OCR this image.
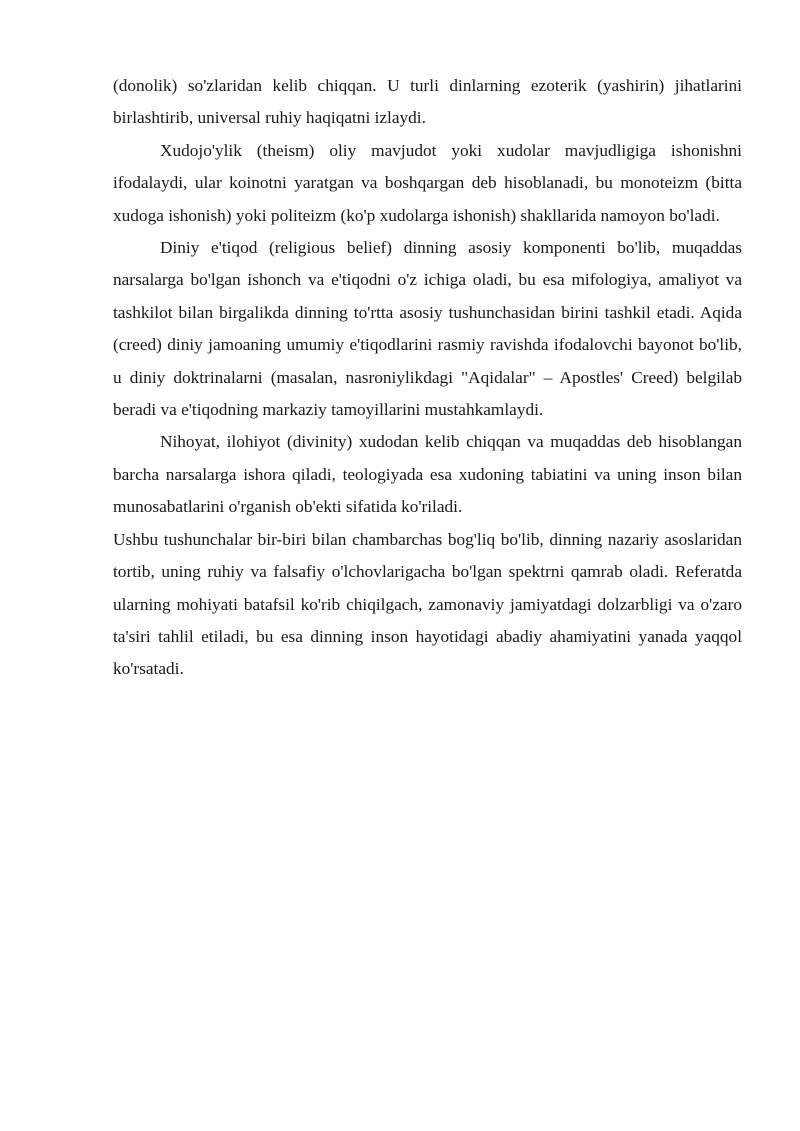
(donolik) so'zlaridan kelib chiqqan. U turli dinlarning ezoterik (yashirin) jihatlarini birlashtirib, universal ruhiy haqiqatni izlaydi.

Xudojo'ylik (theism) oliy mavjudot yoki xudolar mavjudligiga ishonishni ifodalaydi, ular koinotni yaratgan va boshqargan deb hisoblanadi, bu monoteizm (bitta xudoga ishonish) yoki politeizm (ko'p xudolarga ishonish) shakllarida namoyon bo'ladi.

Diniy e'tiqod (religious belief) dinning asosiy komponenti bo'lib, muqaddas narsalarga bo'lgan ishonch va e'tiqodni o'z ichiga oladi, bu esa mifologiya, amaliyot va tashkilot bilan birgalikda dinning to'rtta asosiy tushunchasidan birini tashkil etadi. Aqida (creed) diniy jamoaning umumiy e'tiqodlarini rasmiy ravishda ifodalovchi bayonot bo'lib, u diniy doktrinalarni (masalan, nasroniylikdagi "Aqidalar" – Apostles' Creed) belgilab beradi va e'tiqodning markaziy tamoyillarini mustahkamlaydi.

Nihoyat, ilohiyot (divinity) xudodan kelib chiqqan va muqaddas deb hisoblangan barcha narsalarga ishora qiladi, teologiyada esa xudoning tabiatini va uning inson bilan munosabatlarini o'rganish ob'ekti sifatida ko'riladi.

Ushbu tushunchalar bir-biri bilan chambarchas bog'liq bo'lib, dinning nazariy asoslaridan tortib, uning ruhiy va falsafiy o'lchovlarigacha bo'lgan spektrni qamrab oladi. Referatda ularning mohiyati batafsil ko'rib chiqilgach, zamonaviy jamiyatdagi dolzarbligi va o'zaro ta'siri tahlil etiladi, bu esa dinning inson hayotidagi abadiy ahamiyatini yanada yaqqol ko'rsatadi.
